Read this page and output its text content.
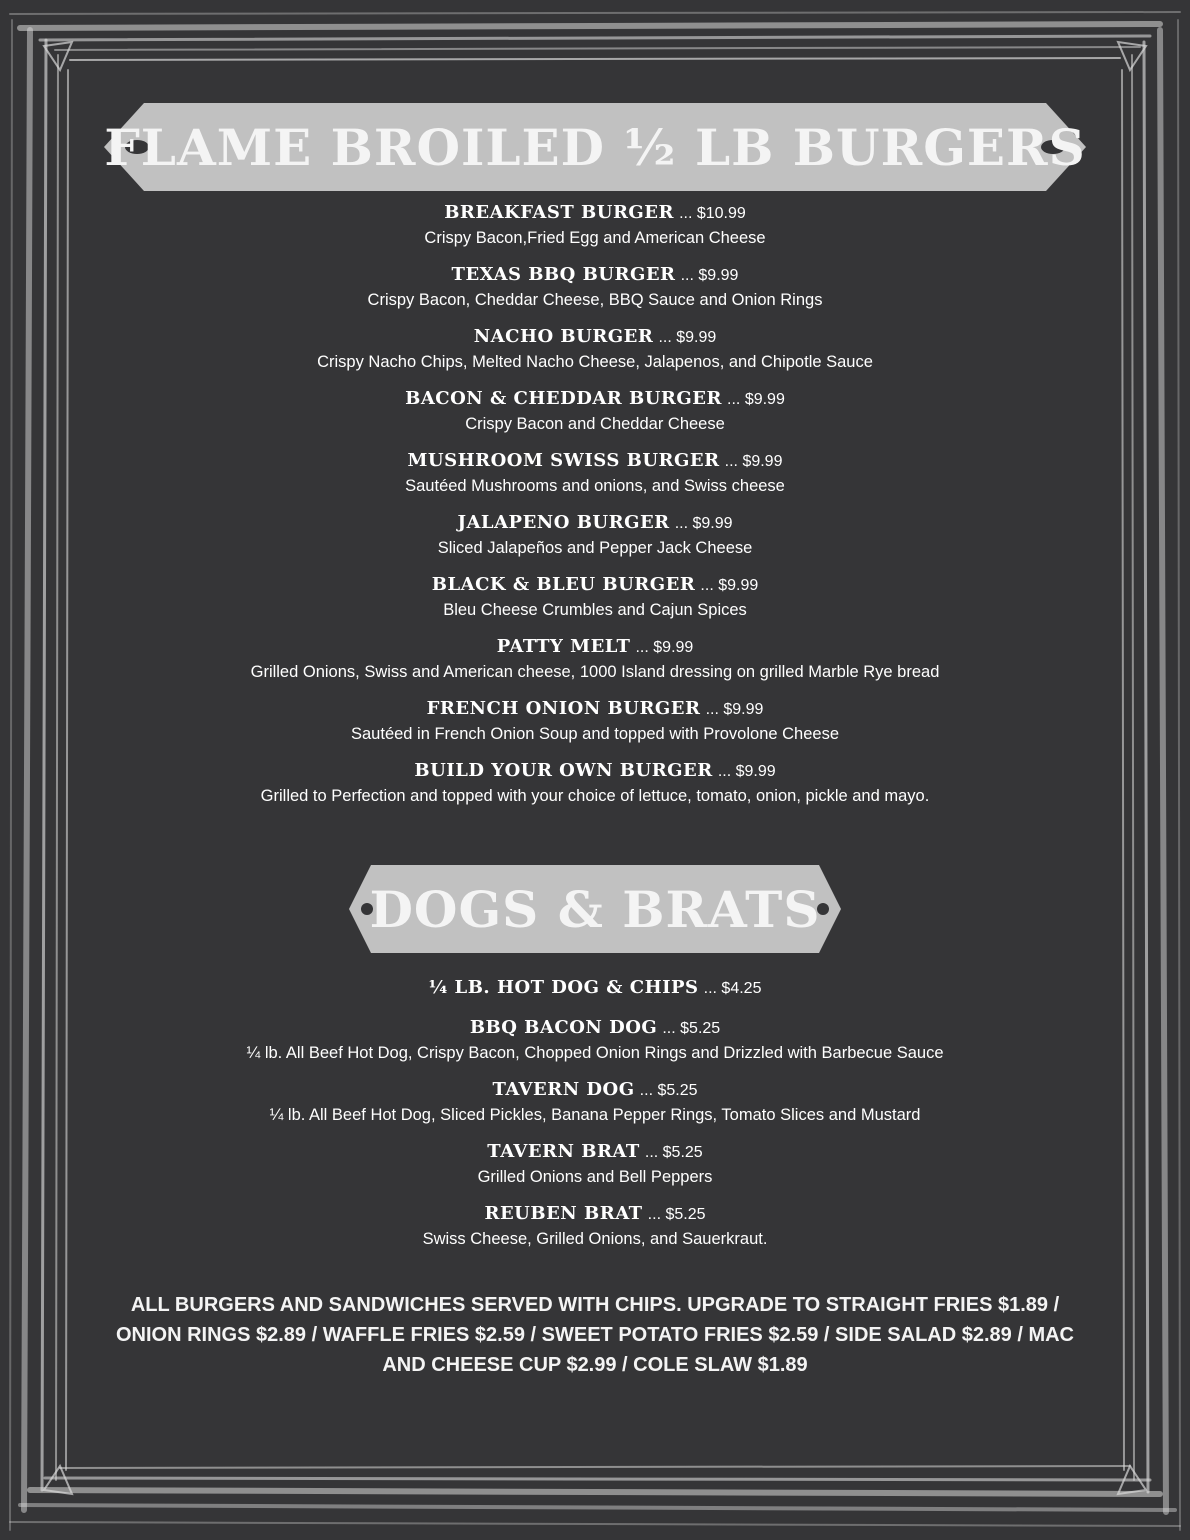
FLAME BROILED ½ LB BURGERS
BREAKFAST BURGER ... $10.99
Crispy Bacon,Fried Egg and American Cheese
TEXAS BBQ BURGER ... $9.99
Crispy Bacon, Cheddar Cheese, BBQ Sauce and Onion Rings
NACHO BURGER ... $9.99
Crispy Nacho Chips, Melted Nacho Cheese, Jalapenos, and Chipotle Sauce
BACON & CHEDDAR BURGER ... $9.99
Crispy Bacon and Cheddar Cheese
MUSHROOM SWISS BURGER ... $9.99
Sautéed Mushrooms and onions, and Swiss cheese
JALAPENO BURGER ... $9.99
Sliced Jalapeños and Pepper Jack Cheese
BLACK & BLEU BURGER ... $9.99
Bleu Cheese Crumbles and Cajun Spices
PATTY MELT ... $9.99
Grilled Onions, Swiss and American cheese, 1000 Island dressing on grilled Marble Rye bread
FRENCH ONION BURGER ... $9.99
Sautéed in French Onion Soup and topped with Provolone Cheese
BUILD YOUR OWN BURGER ... $9.99
Grilled to Perfection and topped with your choice of lettuce, tomato, onion, pickle and mayo.
DOGS & BRATS
¼ LB. HOT DOG & CHIPS ... $4.25
BBQ BACON DOG ... $5.25
¼ lb. All Beef Hot Dog, Crispy Bacon, Chopped Onion Rings and Drizzled with Barbecue Sauce
TAVERN DOG ... $5.25
¼ lb. All Beef Hot Dog, Sliced Pickles, Banana Pepper Rings, Tomato Slices and Mustard
TAVERN BRAT ... $5.25
Grilled Onions and Bell Peppers
REUBEN BRAT ... $5.25
Swiss Cheese, Grilled Onions, and Sauerkraut.
ALL BURGERS AND SANDWICHES SERVED WITH CHIPS. UPGRADE TO STRAIGHT FRIES $1.89 / ONION RINGS $2.89 / WAFFLE FRIES $2.59 / SWEET POTATO FRIES $2.59 / SIDE SALAD $2.89 / MAC AND CHEESE CUP $2.99 / COLE SLAW $1.89
